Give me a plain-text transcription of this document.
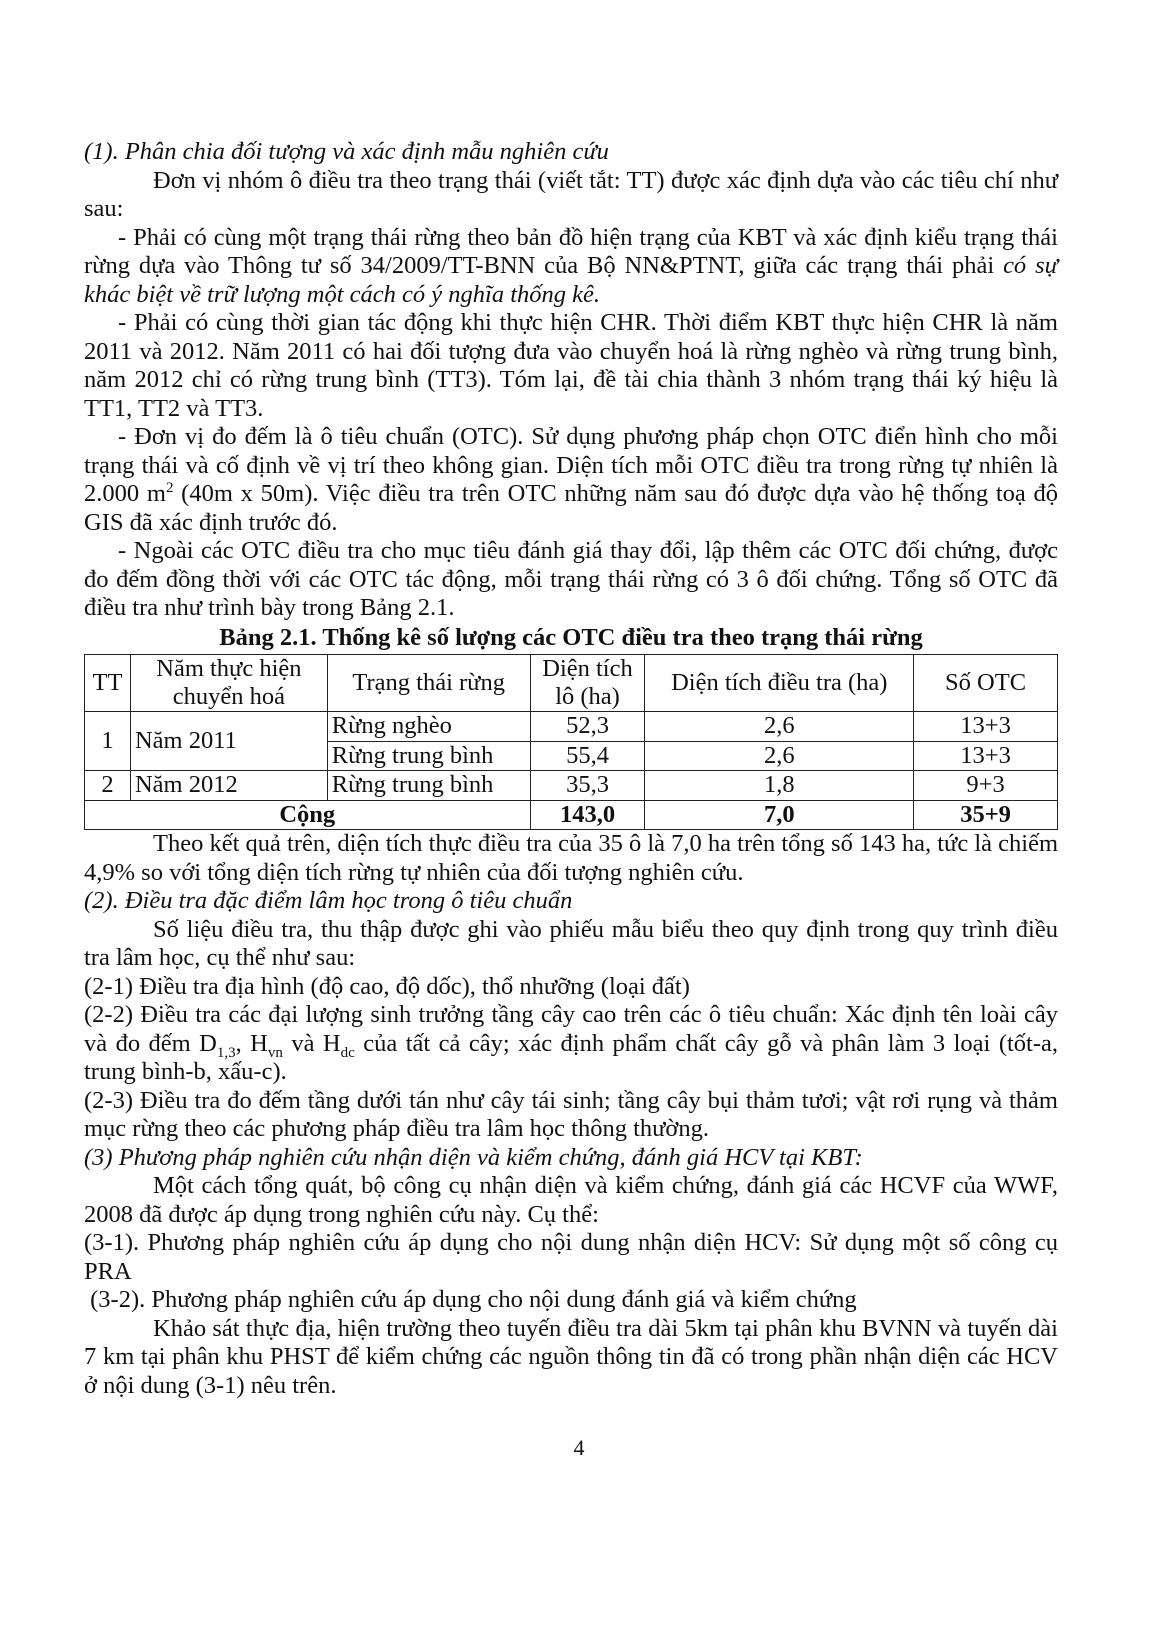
(1). Phân chia đối tượng và xác định mẫu nghiên cứu

Đơn vị nhóm ô điều tra theo trạng thái (viết tắt: TT) được xác định dựa vào các tiêu chí như sau:

- Phải có cùng một trạng thái rừng theo bản đồ hiện trạng của KBT và xác định kiểu trạng thái rừng dựa vào Thông tư số 34/2009/TT-BNN của Bộ NN&PTNT, giữa các trạng thái phải có sự khác biệt về trữ lượng một cách có ý nghĩa thống kê.

- Phải có cùng thời gian tác động khi thực hiện CHR. Thời điểm KBT thực hiện CHR là năm 2011 và 2012. Năm 2011 có hai đối tượng đưa vào chuyển hoá là rừng nghèo và rừng trung bình, năm 2012 chỉ có rừng trung bình (TT3). Tóm lại, đề tài chia thành 3 nhóm trạng thái ký hiệu là TT1, TT2 và TT3.

- Đơn vị đo đếm là ô tiêu chuẩn (OTC). Sử dụng phương pháp chọn OTC điển hình cho mỗi trạng thái và cố định về vị trí theo không gian. Diện tích mỗi OTC điều tra trong rừng tự nhiên là 2.000 $m^2$ (40m x 50m). Việc điều tra trên OTC những năm sau đó được dựa vào hệ thống toạ độ GIS đã xác định trước đó.

- Ngoài các OTC điều tra cho mục tiêu đánh giá thay đổi, lập thêm các OTC đối chứng, được đo đếm đồng thời với các OTC tác động, mỗi trạng thái rừng có 3 ô đối chứng. Tổng số OTC đã điều tra như trình bày trong Bảng 2.1.

Bảng 2.1. Thống kê số lượng các OTC điều tra theo trạng thái rừng

TT	Năm thực hiện chuyển hoá	Trạng thái rừng	Diện tích lô (ha)	Diện tích điều tra (ha)	Số OTC
1	Năm 2011	Rừng nghèo	52,3	2,6	13+3
		Rừng trung bình	55,4	2,6	13+3
2	Năm 2012	Rừng trung bình	35,3	1,8	9+3
Cộng			143,0	7,0	35+9

Theo kết quả trên, diện tích thực điều tra của 35 ô là 7,0 ha trên tổng số 143 ha, tức là chiếm 4,9% so với tổng diện tích rừng tự nhiên của đối tượng nghiên cứu.

(2). Điều tra đặc điểm lâm học trong ô tiêu chuẩn

Số liệu điều tra, thu thập được ghi vào phiếu mẫu biểu theo quy định trong quy trình điều tra lâm học, cụ thể như sau:

(2-1) Điều tra địa hình (độ cao, độ dốc), thổ nhưỡng (loại đất)

(2-2) Điều tra các đại lượng sinh trưởng tầng cây cao trên các ô tiêu chuẩn: Xác định tên loài cây và đo đếm $D_{1,3}$, $H_{vn}$ và $H_{dc}$ của tất cả cây; xác định phẩm chất cây gỗ và phân làm 3 loại (tốt-a, trung bình-b, xấu-c).

(2-3) Điều tra đo đếm tầng dưới tán như cây tái sinh; tầng cây bụi thảm tươi; vật rơi rụng và thảm mục rừng theo các phương pháp điều tra lâm học thông thường.

(3) Phương pháp nghiên cứu nhận diện và kiểm chứng, đánh giá HCV tại KBT:

Một cách tổng quát, bộ công cụ nhận diện và kiểm chứng, đánh giá các HCVF của WWF, 2008 đã được áp dụng trong nghiên cứu này. Cụ thể:

(3-1). Phương pháp nghiên cứu áp dụng cho nội dung nhận diện HCV: Sử dụng một số công cụ PRA

(3-2). Phương pháp nghiên cứu áp dụng cho nội dung đánh giá và kiểm chứng

Khảo sát thực địa, hiện trường theo tuyến điều tra dài 5km tại phân khu BVNN và tuyến dài 7 km tại phân khu PHST để kiểm chứng các nguồn thông tin đã có trong phần nhận diện các HCV ở nội dung (3-1) nêu trên.

4
